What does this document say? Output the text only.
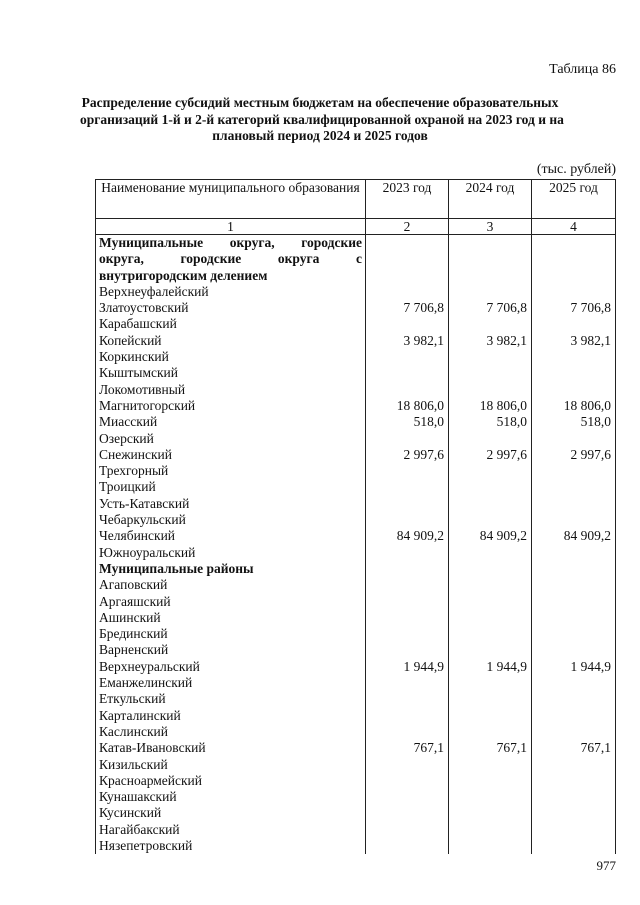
Таблица 86
Распределение субсидий местным бюджетам на обеспечение образовательных
организаций 1-й и 2-й категорий квалифицированной охраной на 2023 год и на
плановый период 2024 и 2025 годов
(тыс. рублей)
Наименование муниципального образования	2023 год	2024 год	2025 год
1	2	3	4
Муниципальные округа, городские округа, городские округа с внутригородским делением			
Верхнеуфалейский			
Златоустовский	7 706,8	7 706,8	7 706,8
Карабашский			
Копейский	3 982,1	3 982,1	3 982,1
Коркинский			
Кыштымский			
Локомотивный			
Магнитогорский	18 806,0	18 806,0	18 806,0
Миасский	518,0	518,0	518,0
Озерский			
Снежинский	2 997,6	2 997,6	2 997,6
Трехгорный			
Троицкий			
Усть-Катавский			
Чебаркульский			
Челябинский	84 909,2	84 909,2	84 909,2
Южноуральский			
Муниципальные районы			
Агаповский			
Аргаяшский			
Ашинский			
Брединский			
Варненский			
Верхнеуральский	1 944,9	1 944,9	1 944,9
Еманжелинский			
Еткульский			
Карталинский			
Каслинский			
Катав-Ивановский	767,1	767,1	767,1
Кизильский			
Красноармейский			
Кунашакский			
Кусинский			
Нагайбакский			
Нязепетровский			
977
